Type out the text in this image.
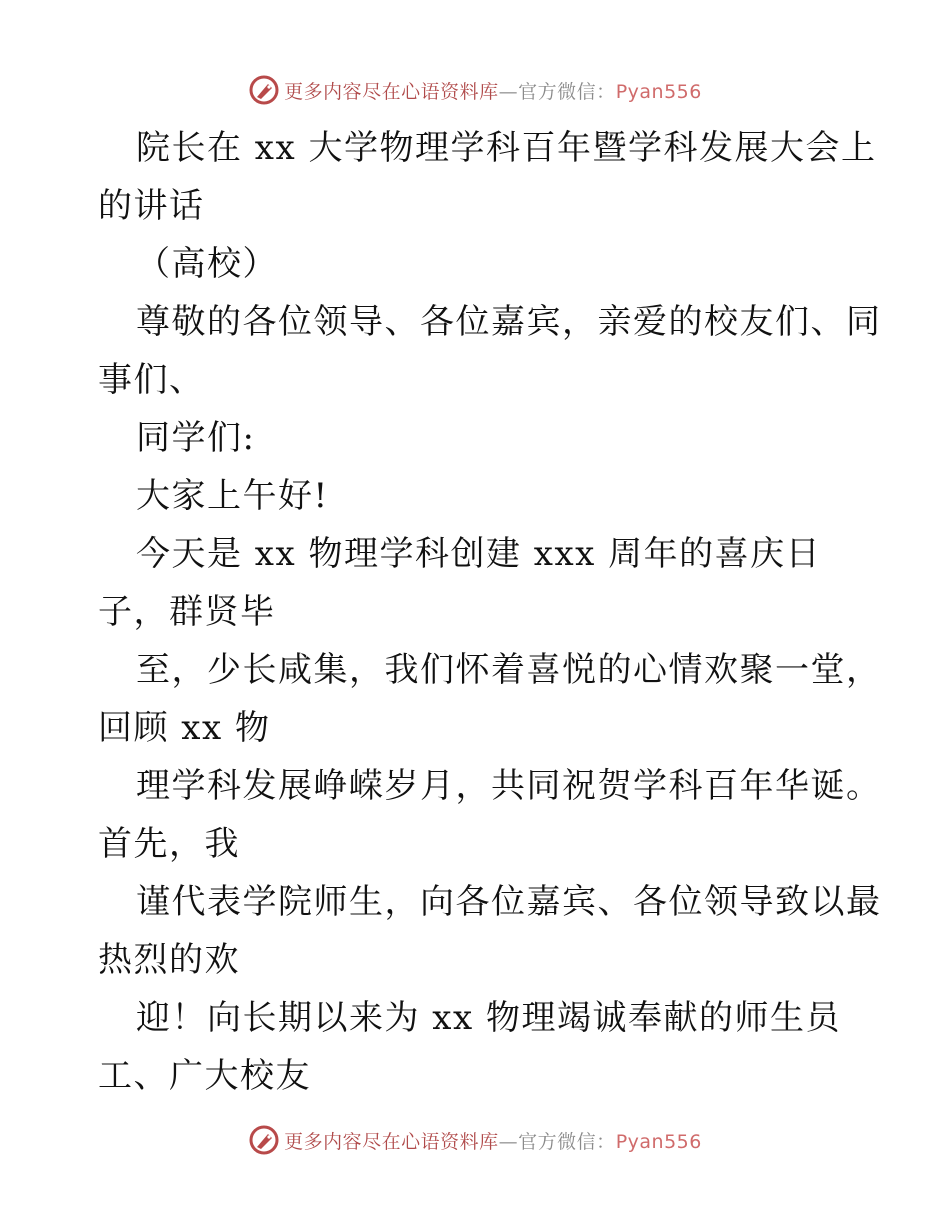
更多内容尽在心语资料库—官方微信：Pyan556
院长在 xx 大学物理学科百年暨学科发展大会上
的讲话
（高校）
尊敬的各位领导、各位嘉宾，亲爱的校友们、同
事们、
同学们:
大家上午好!
今天是 xx 物理学科创建 xxx 周年的喜庆日
子，群贤毕
至，少长咸集，我们怀着喜悦的心情欢聚一堂，
回顾 xx 物
理学科发展峥嵘岁月，共同祝贺学科百年华诞。
首先，我
谨代表学院师生，向各位嘉宾、各位领导致以最
热烈的欢
迎！向长期以来为 xx 物理竭诚奉献的师生员
工、广大校友
更多内容尽在心语资料库—官方微信：Pyan556
